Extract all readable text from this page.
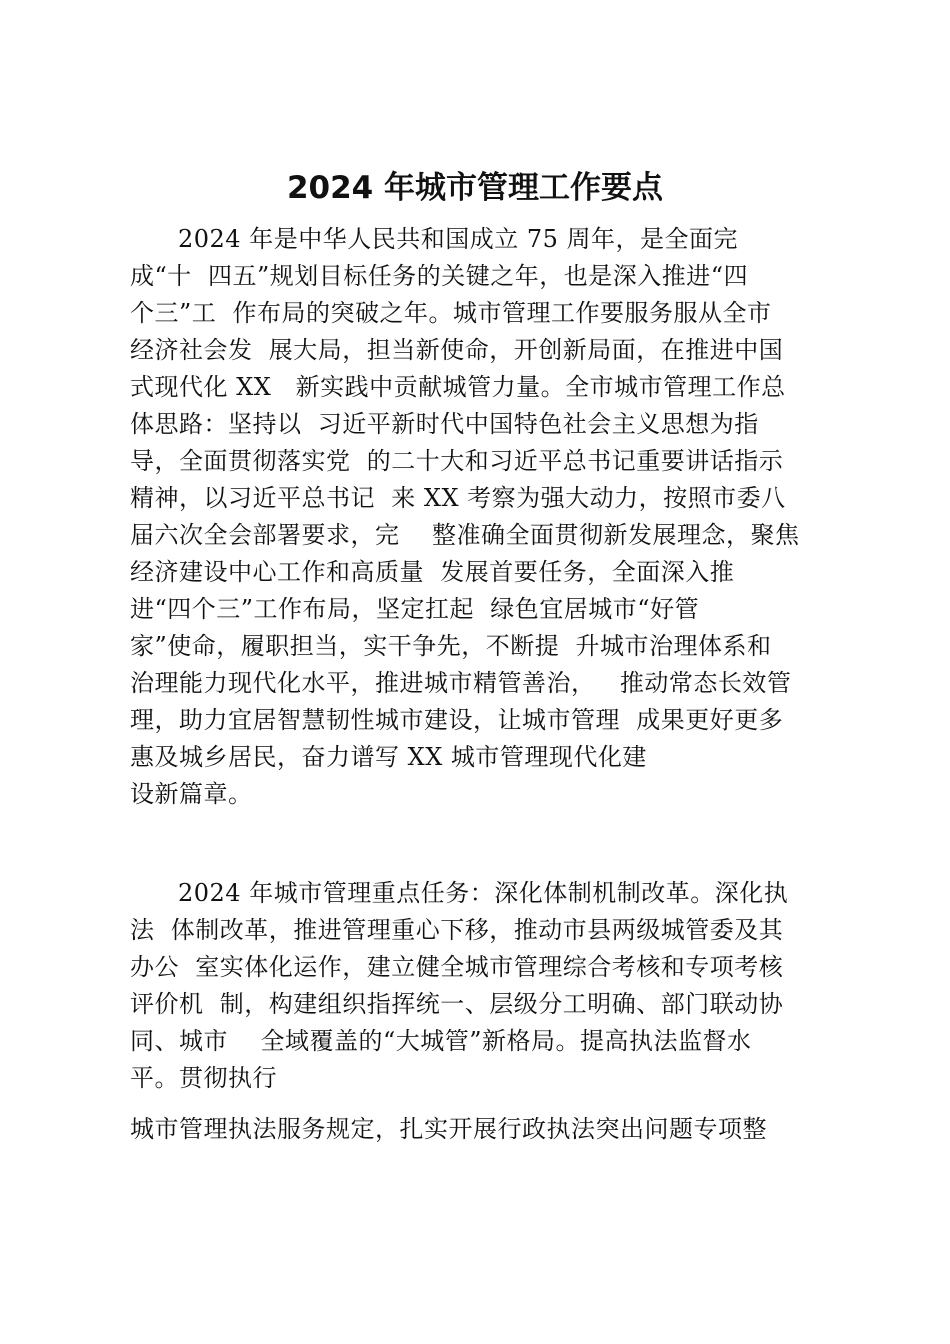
2024 年城市管理工作要点
2024 年是中华人民共和国成立 75 周年，是全面完
成“十  四五”规划目标任务的关键之年，也是深入推进“四
个三”工  作布局的突破之年。城市管理工作要服务服从全市
经济社会发  展大局，担当新使命，开创新局面，在推进中国
式现代化 XX   新实践中贡献城管力量。全市城市管理工作总
体思路：坚持以  习近平新时代中国特色社会主义思想为指
导，全面贯彻落实党  的二十大和习近平总书记重要讲话指示
精神，以习近平总书记  来 XX 考察为强大动力，按照市委八
届六次全会部署要求，完    整准确全面贯彻新发展理念，聚焦
经济建设中心工作和高质量  发展首要任务，全面深入推
进“四个三”工作布局，坚定扛起  绿色宜居城市“好管
家”使命，履职担当，实干争先，不断提  升城市治理体系和
治理能力现代化水平，推进城市精管善治，   推动常态长效管
理，助力宜居智慧韧性城市建设，让城市管理  成果更好更多
惠及城乡居民，奋力谱写 XX 城市管理现代化建
设新篇章。
2024 年城市管理重点任务：深化体制机制改革。深化执
法  体制改革，推进管理重心下移，推动市县两级城管委及其
办公  室实体化运作，建立健全城市管理综合考核和专项考核
评价机  制，构建组织指挥统一、层级分工明确、部门联动协
同、城市    全域覆盖的“大城管”新格局。提高执法监督水
平。贯彻执行
城市管理执法服务规定，扎实开展行政执法突出问题专项整
